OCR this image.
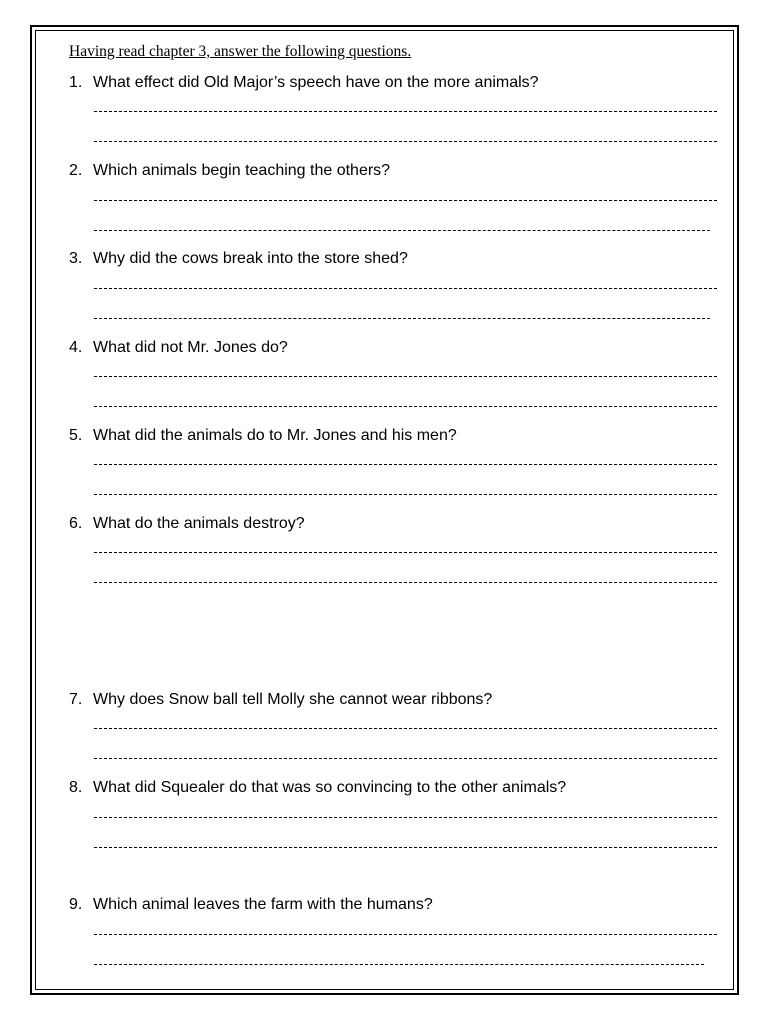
Having read chapter 3, answer the following questions.
1. What effect did Old Major’s speech have on the more animals?
2. Which animals begin teaching the others?
3. Why did the cows break into the store shed?
4. What did not Mr. Jones do?
5. What did the animals do to Mr. Jones and his men?
6. What do the animals destroy?
7. Why does Snow ball tell Molly she cannot wear ribbons?
8. What did Squealer do that was so convincing to the other animals?
9. Which animal leaves the farm with the humans?
